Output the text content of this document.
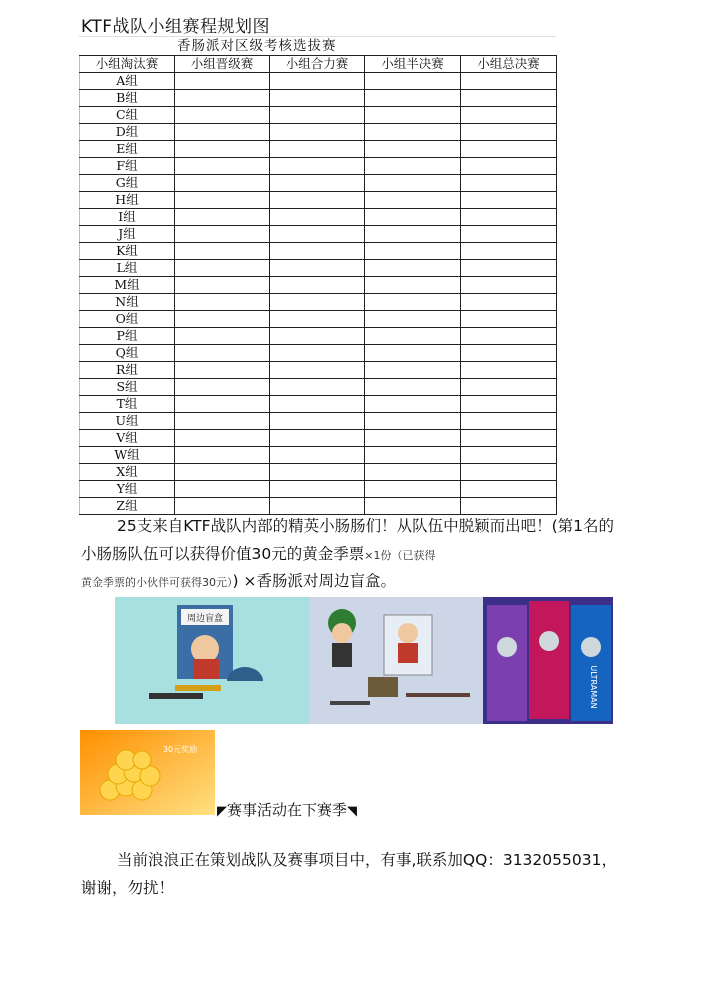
KTF战队小组赛程规划图
香肠派对区级考核选拔赛
小组淘汰赛	小组晋级赛	小组合力赛	小组半决赛	小组总决赛
A组				
B组				
C组				
D组				
E组				
F组				
G组				
H组				
I组				
J组				
K组				
L组				
M组				
N组				
O组				
P组				
Q组				
R组				
S组				
T组				
U组				
V组				
W组				
X组				
Y组				
Z组				
25支来自KTF战队内部的精英小肠肠们！从队伍中脱颖而出吧！(第1名的小肠肠队伍可以获得价值30元的黄金季票×1份（已获得
黄金季票的小伙伴可获得30元）) ×香肠派对周边盲盒。
周边盲盒
ULTRAMAN
30元奖励
◤赛事活动在下赛季◥
当前浪浪正在策划战队及赛事项目中，有事,联系加QQ：3132055031，谢谢，勿扰！
